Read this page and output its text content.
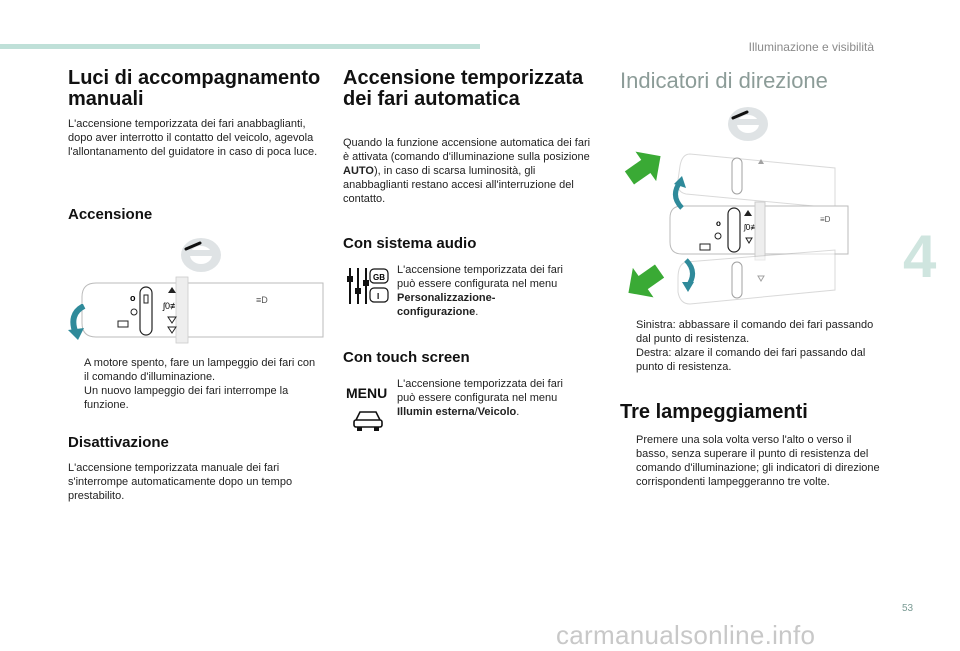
Illuminazione e visibilità
4
53
Luci di accompagnamento manuali
L'accensione temporizzata dei fari anabbaglianti, dopo aver interrotto il contatto del veicolo, agevola l'allontanamento del guidatore in caso di poca luce.
Accensione
o
ʃ0≢
≡D
A motore spento, fare un lampeggio dei fari con il comando d'illuminazione.
Un nuovo lampeggio dei fari interrompe la funzione.
Disattivazione
L'accensione temporizzata manuale dei fari s'interrompe automaticamente dopo un tempo prestabilito.
Accensione temporizzata dei fari automatica
Quando la funzione accensione automatica dei fari è attivata (comando d'illuminazione sulla posizione AUTO), in caso di scarsa luminosità, gli anabbaglianti restano accesi all'interruzione del contatto.
Con sistema audio
GB
I
L'accensione temporizzata dei fari può essere configurata nel menu Personalizzazione-configurazione.
Con touch screen
MENU
L'accensione temporizzata dei fari può essere configurata nel menu Illumin esterna/Veicolo.
Indicatori di direzione
o	ʃ0≢
≡D
Sinistra: abbassare il comando dei fari passando dal punto di resistenza.
Destra: alzare il comando dei fari passando dal punto di resistenza.
Tre lampeggiamenti
Premere una sola volta verso l'alto o verso il basso, senza superare il punto di resistenza del comando d'illuminazione; gli indicatori di direzione corrispondenti lampeggeranno tre volte.
carmanualsonline.info
